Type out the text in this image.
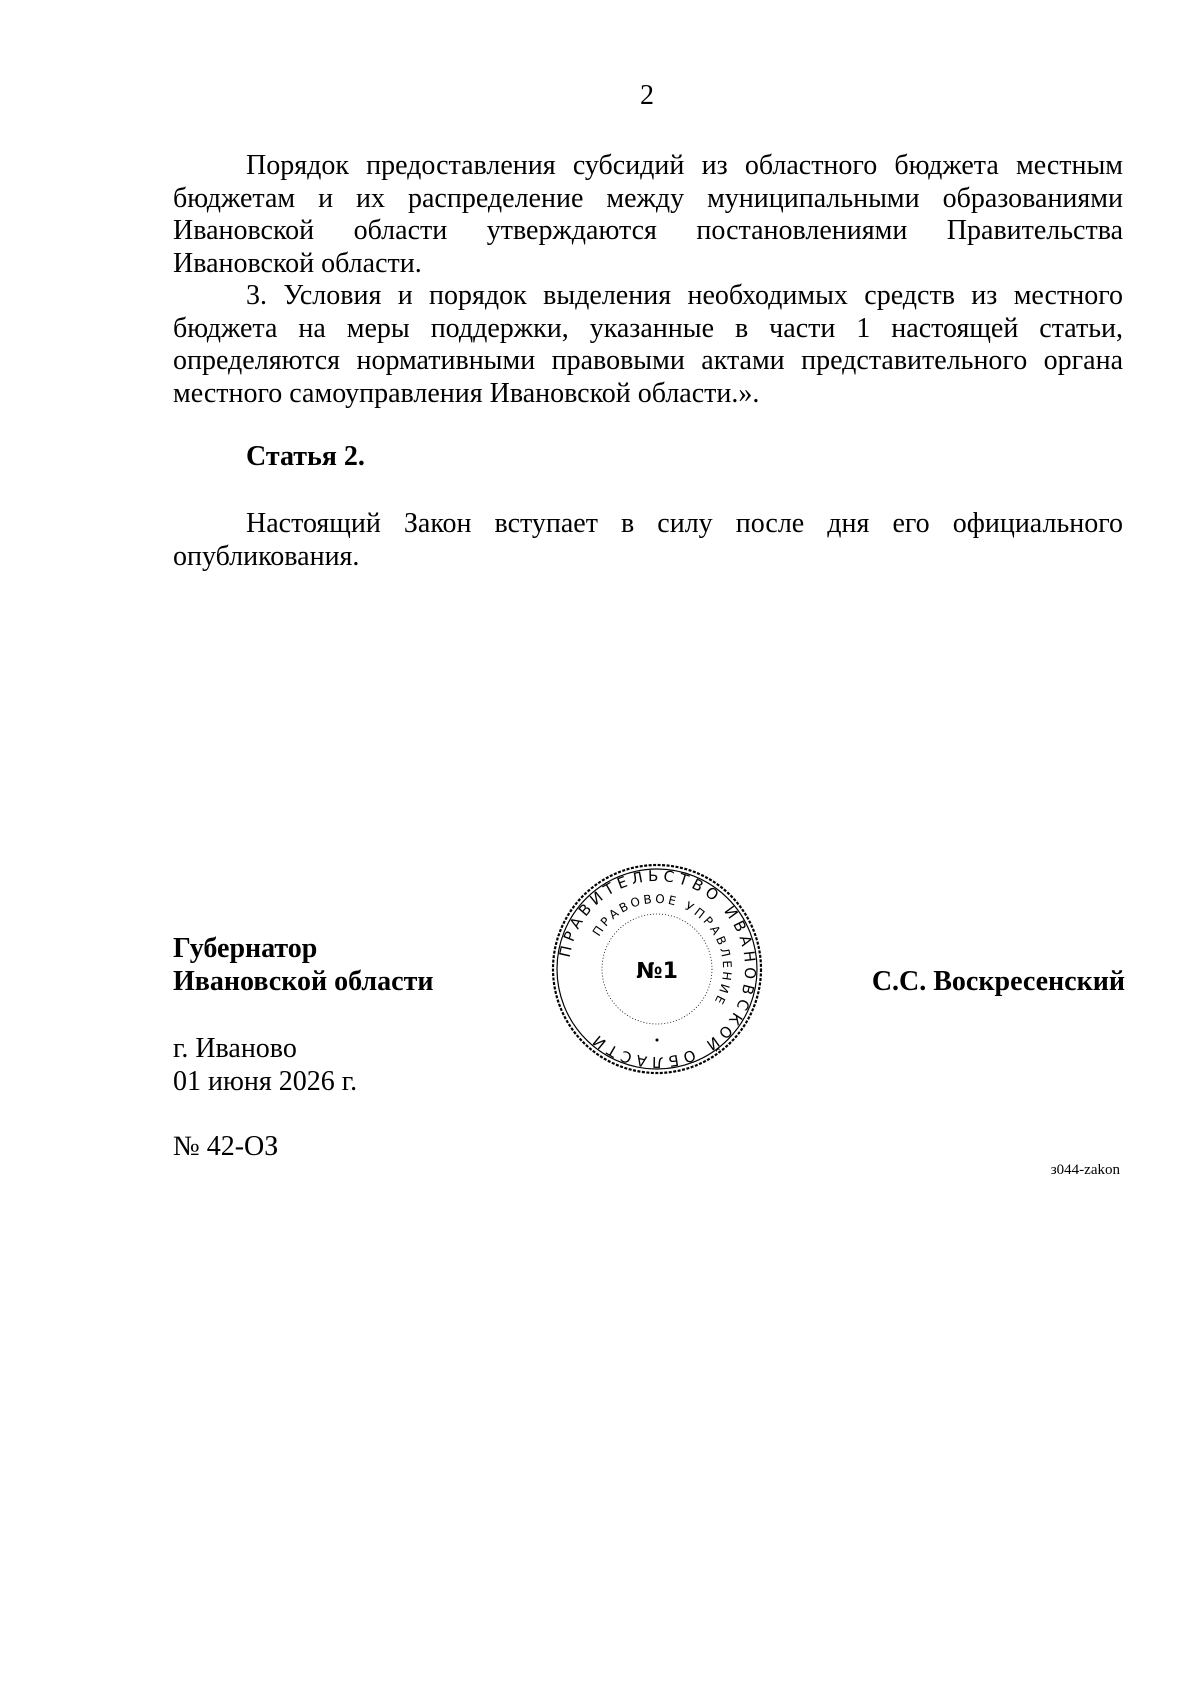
2

Порядок предоставления субсидий из областного бюджета местным бюджетам и их распределение между муниципальными образованиями Ивановской области утверждаются постановлениями Правительства Ивановской области.

3. Условия и порядок выделения необходимых средств из местного бюджета на меры поддержки, указанные в части 1 настоящей статьи, определяются нормативными правовыми актами представительного органа местного самоуправления Ивановской области.».

Статья 2.

Настоящий Закон вступает в силу после дня его официального опубликования.

Губернатор
Ивановской области
ПРАВИТЕЛЬСТВО ИВАНОВСКОЙ ОБЛАСТИ
ПРАВОВОЕ УПРАВЛЕНИЕ
№1	С.С. Воскресенский
г. Иваново
01 июня 2026 г.
№ 42-ОЗ
з044-zakon
